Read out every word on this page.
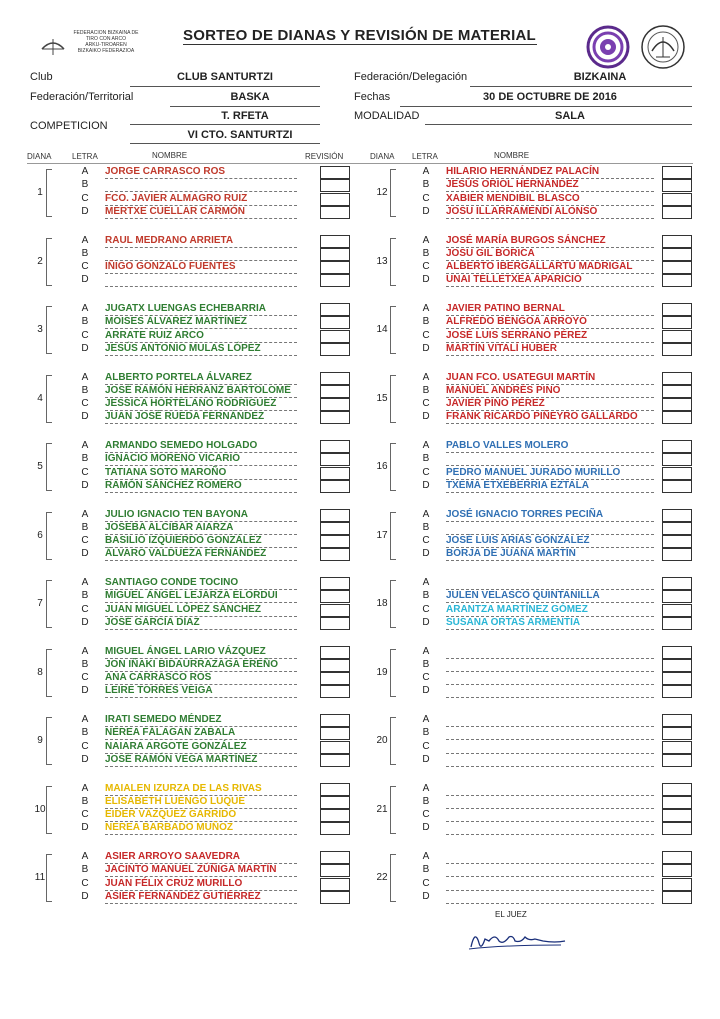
FEDERACION BIZKAINA DE
TIRO CON ARCO
ARKU-TIROAREN
BIZKAIKO FEDERAZIOA
SORTEO DE DIANAS Y REVISIÓN DE MATERIAL
Club	CLUB SANTURTZI	Federación/Delegación	BIZKAINA
Federación/Territorial	BASKA	Fechas	30 DE OCTUBRE DE 2016
COMPETICION
T. RFETA
VI CTO. SANTURTZI
MODALIDAD	SALA
DIANA	LETRA	NOMBRE	REVISIÓN	DIANA LETRA	NOMBRE
1
A JORGE CARRASCO ROS
B
C FCO. JAVIER ALMAGRO RUIZ
D MERTXE CUELLAR CARMÓN
2
A RAUL MEDRANO ARRIETA
B
C IÑIGO GONZALO FUENTES
D
3
A JUGATX LUENGAS ECHEBARRIA
B MOISES ÁLVAREZ MARTÍNEZ
C ARRATE RUIZ ARCO
D JESÚS ANTONIO MULAS LÓPEZ
4
A ALBERTO PORTELA ÁLVAREZ
B JOSÉ RAMÓN HERRANZ BARTOLOMÉ
C JESSICA HORTELANO RODRÍGUEZ
D JUAN JOSÉ RUEDA FERNÁNDEZ
5
A ARMANDO SEMEDO HOLGADO
B IGNACIO MORENO VICARIO
C TATIANA SOTO MAROÑO
D RAMÓN SÁNCHEZ ROMERO
6
A JULIO IGNACIO TEN BAYONA
B JOSEBA ALCIBAR AIARZA
C BASILIO IZQUIERDO GONZÁLEZ
D ÁLVARO VALDUEZA FERNÁNDEZ
7
A SANTIAGO CONDE TOCINO
B MIGUEL ÁNGEL LEJARZA ELORDUI
C JUAN MIGUEL LÓPEZ SÁNCHEZ
D JOSÉ GARCÍA DÍAZ
8
A MIGUEL ÁNGEL LARIO VÁZQUEZ
B JON IÑAKI BIDAURRAZAGA EREÑO
C ANA CARRASCO ROS
D LEIRE TORRES VEIGA
9
A IRATI SEMEDO MÉNDEZ
B NEREA FÁLAGAN ZABALA
C NAIARA ARGOTE GONZÁLEZ
D JOSÉ RAMÓN VEGA MARTÍNEZ
10
A MAIALEN IZURZA DE LAS RIVAS
B ELISABETH LUENGO LUQUE
C EIDER VÁZQUEZ GARRIDO
D NEREA BARBADO MUÑOZ
11
A ASIER ARROYO SAAVEDRA
B JACINTO MANUEL ZÚÑIGA MARTÍN
C JUAN FÉLIX CRUZ MURILLO
D ASIER FERNÁNDEZ GUTIÉRREZ
12
A HILARIO HERNÁNDEZ PALACÍN
B JESÚS ORIOL HERNÁNDEZ
C XABIER MENDIBIL BLASCO
D JOSU ILLARRAMENDI ALONSO
13
A JOSÉ MARÍA BURGOS SÁNCHEZ
B JOSU GIL BORICA
C ALBERTO IBERGALLARTU MADRIGAL
D UNAI TELLETXEA APARICIO
14
A JAVIER PATINO BERNAL
B ALFREDO BENGOA ARROYO
C JOSÉ LUIS SERRANO PÉREZ
D MARTÍN VITALÍ HUBER
15
A JUAN FCO. USATEGUI MARTÍN
B MANUEL ANDRÉS PINO
C JAVIER PINO PÉREZ
D FRANK RICARDO PIÑEYRO GALLARDO
16
A PABLO VALLES MOLERO
B
C PEDRO MANUEL JURADO MURILLO
D TXEMA ETXEBERRIA EZTALA
17
A JOSÉ IGNACIO TORRES PECIÑA
B
C JOSÉ LUIS ARIAS GONZÁLEZ
D BORJA DE JUANA MARTÍN
18
A
B JULEN VELASCO QUINTANILLA
C ARANTZA MARTÍNEZ GÓMEZ
D SUSANA ORTAS ARMENTIA
19
A
B
C
D
20
A
B
C
D
21
A
B
C
D
22
A
B
C
D
EL JUEZ
